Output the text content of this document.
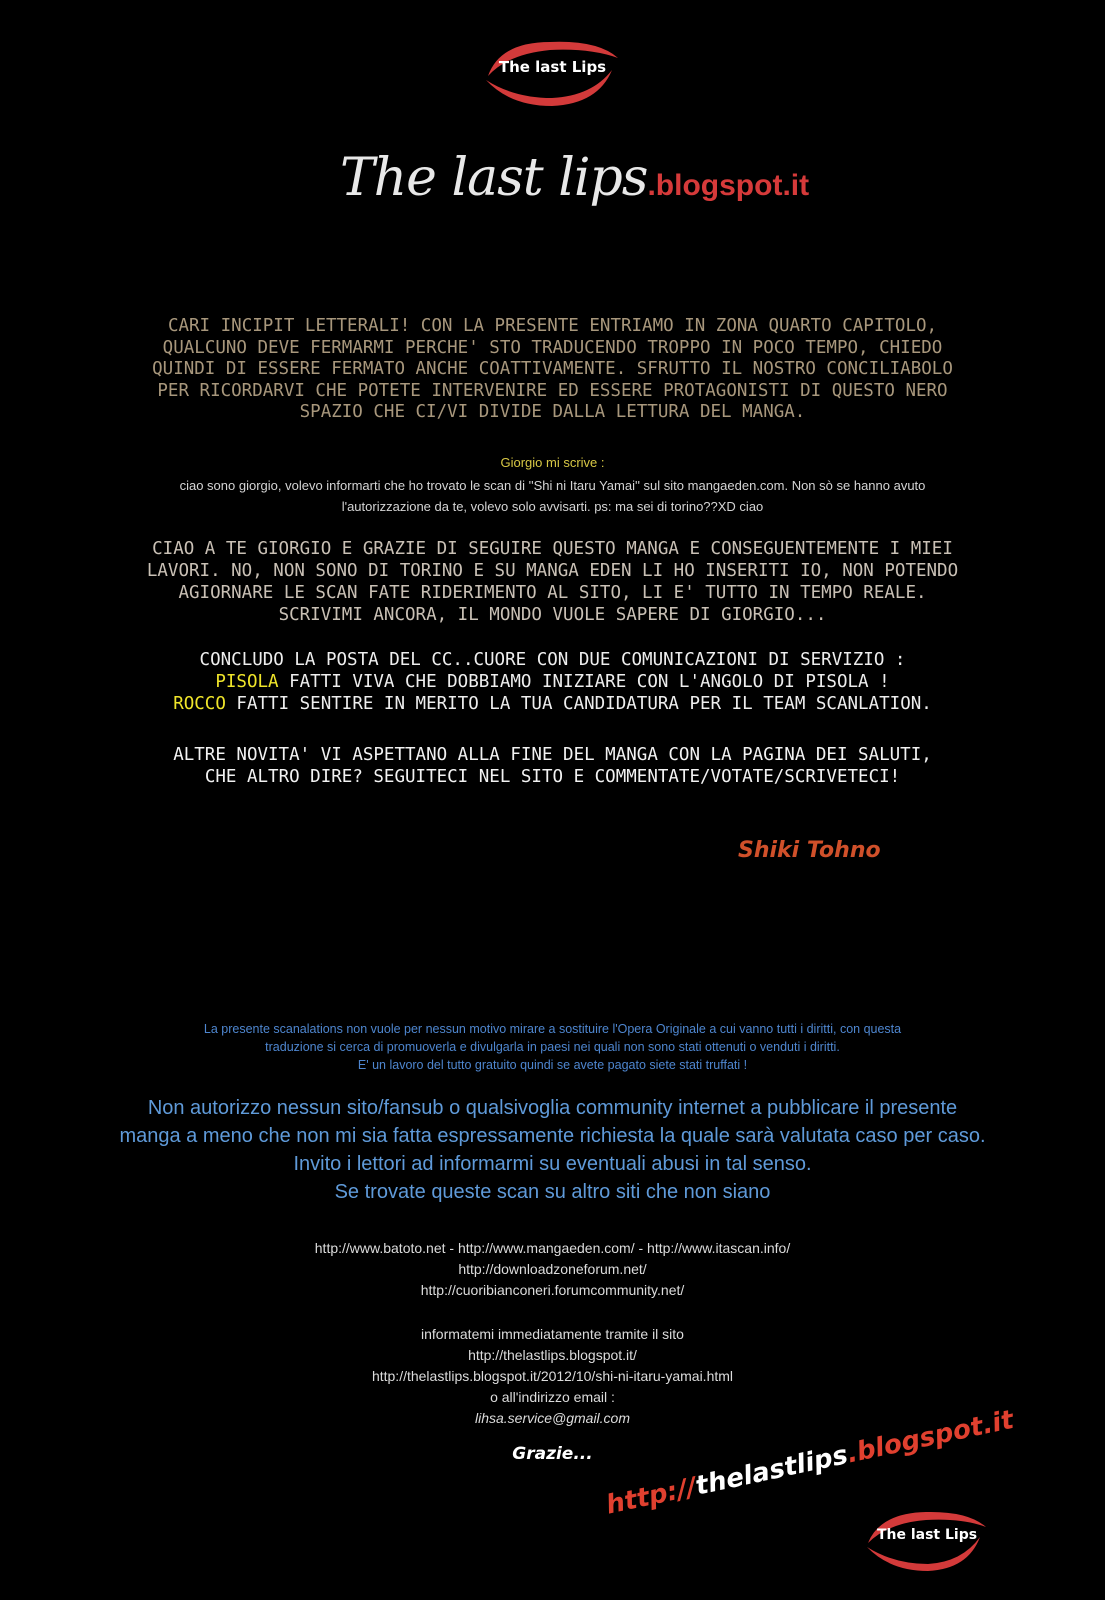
The last Lips
The last lips.blogspot.it
CARI INCIPIT LETTERALI! CON LA PRESENTE ENTRIAMO IN ZONA QUARTO CAPITOLO,
QUALCUNO DEVE FERMARMI PERCHE' STO TRADUCENDO TROPPO IN POCO TEMPO, CHIEDO
QUINDI DI ESSERE FERMATO ANCHE COATTIVAMENTE. SFRUTTO IL NOSTRO CONCILIABOLO
PER RICORDARVI CHE POTETE INTERVENIRE ED ESSERE PROTAGONISTI DI QUESTO NERO
SPAZIO CHE CI/VI DIVIDE DALLA LETTURA DEL MANGA.
Giorgio mi scrive :
ciao sono giorgio, volevo informarti che ho trovato le scan di ''Shi ni Itaru Yamai'' sul sito mangaeden.com. Non sò se hanno avuto
l'autorizzazione da te, volevo solo avvisarti. ps: ma sei di torino??XD ciao
CIAO A TE GIORGIO E GRAZIE DI SEGUIRE QUESTO MANGA E CONSEGUENTEMENTE I MIEI
LAVORI. NO, NON SONO DI TORINO E SU MANGA EDEN LI HO INSERITI IO, NON POTENDO
AGIORNARE LE SCAN FATE RIDERIMENTO AL SITO, LI E' TUTTO IN TEMPO REALE.
SCRIVIMI ANCORA, IL MONDO VUOLE SAPERE DI GIORGIO...
CONCLUDO LA POSTA DEL CC..CUORE CON DUE COMUNICAZIONI DI SERVIZIO :
PISOLA FATTI VIVA CHE DOBBIAMO INIZIARE CON L'ANGOLO DI PISOLA !
ROCCO FATTI SENTIRE IN MERITO LA TUA CANDIDATURA PER IL TEAM SCANLATION.
ALTRE NOVITA' VI ASPETTANO ALLA FINE DEL MANGA CON LA PAGINA DEI SALUTI,
CHE ALTRO DIRE? SEGUITECI NEL SITO E COMMENTATE/VOTATE/SCRIVETECI!
Shiki Tohno
La presente scanalations non vuole per nessun motivo mirare a sostituire l'Opera Originale a cui vanno tutti i diritti, con questa
traduzione si cerca di promuoverla e divulgarla in paesi nei quali non sono stati ottenuti o venduti i diritti.
E' un lavoro del tutto gratuito quindi se avete pagato siete stati truffati !
Non autorizzo nessun sito/fansub o qualsivoglia community internet a pubblicare il presente
manga a meno che non mi sia fatta espressamente richiesta la quale sarà valutata caso per caso.
Invito i lettori ad informarmi su eventuali abusi in tal senso.
Se trovate queste scan su altro siti che non siano
http://www.batoto.net - http://www.mangaeden.com/ - http://www.itascan.info/
http://downloadzoneforum.net/
http://cuoribianconeri.forumcommunity.net/
informatemi immediatamente tramite il sito
http://thelastlips.blogspot.it/
http://thelastlips.blogspot.it/2012/10/shi-ni-itaru-yamai.html
o all'indirizzo email :
lihsa.service@gmail.com
Grazie...
http://thelastlips.blogspot.it
The last Lips
